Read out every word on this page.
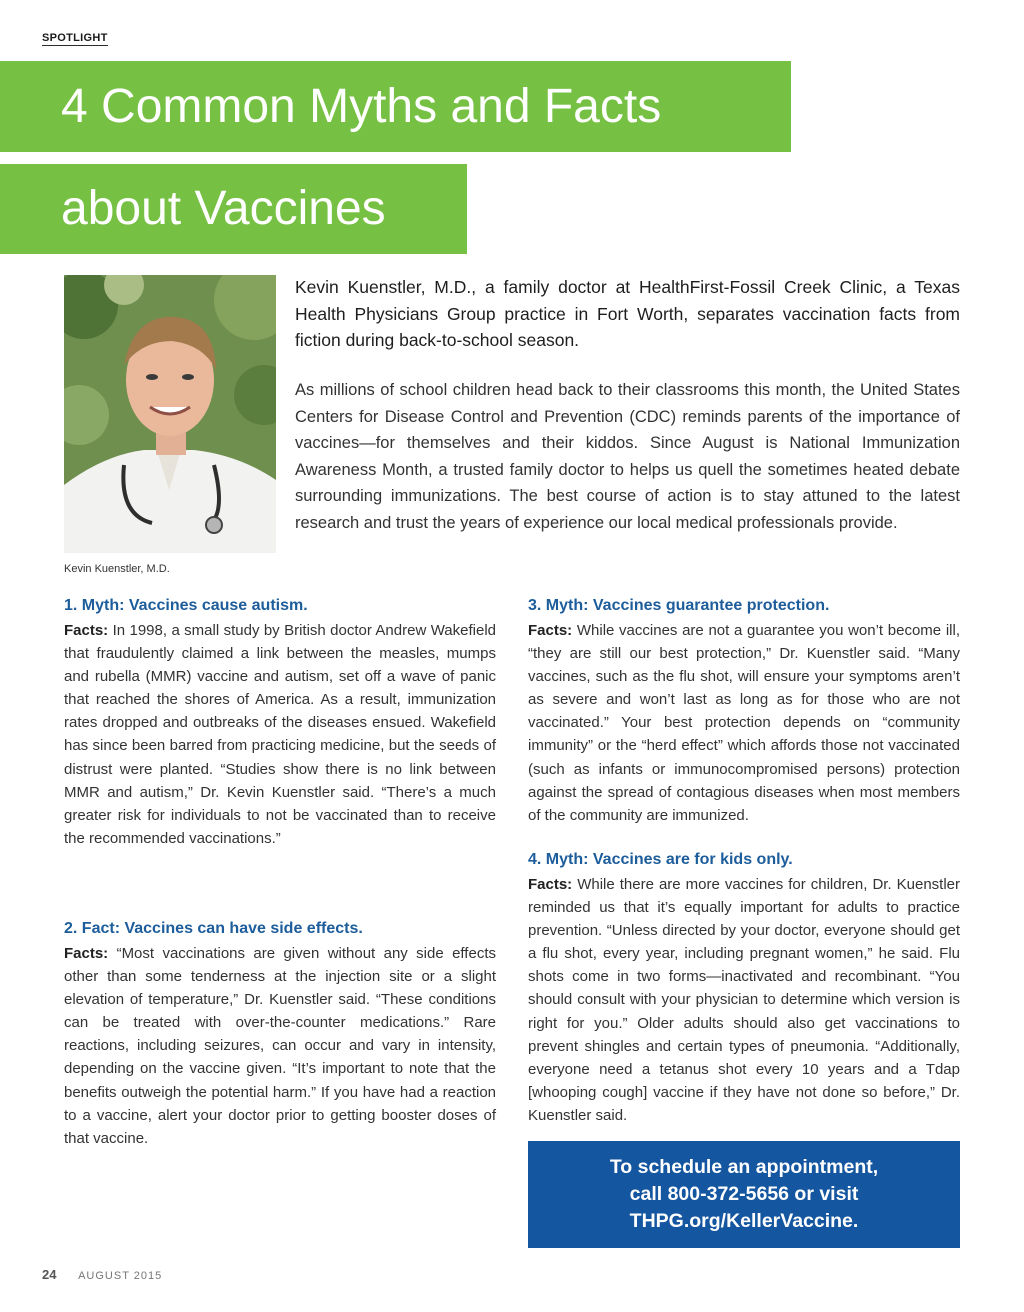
SPOTLIGHT
4 Common Myths and Facts
about Vaccines
Kevin Kuenstler, M.D.
Kevin Kuenstler, M.D., a family doctor at HealthFirst-Fossil Creek Clinic, a Texas Health Physicians Group practice in Fort Worth, separates vaccination facts from fiction during back-to-school season.
As millions of school children head back to their classrooms this month, the United States Centers for Disease Control and Prevention (CDC) reminds parents of the importance of vaccines—for themselves and their kiddos. Since August is National Immunization Awareness Month, a trusted family doctor to helps us quell the sometimes heated debate surrounding immunizations. The best course of action is to stay attuned to the latest research and trust the years of experience our local medical professionals provide.
1. Myth: Vaccines cause autism.

Facts: In 1998, a small study by British doctor Andrew Wakefield that fraudulently claimed a link between the measles, mumps and rubella (MMR) vaccine and autism, set off a wave of panic that reached the shores of America. As a result, immunization rates dropped and outbreaks of the diseases ensued. Wakefield has since been barred from practicing medicine, but the seeds of distrust were planted. “Studies show there is no link between MMR and autism,” Dr. Kevin Kuenstler said. “There’s a much greater risk for individuals to not be vaccinated than to receive the recommended vaccinations.”

2. Fact: Vaccines can have side effects.

Facts: “Most vaccinations are given without any side effects other than some tenderness at the injection site or a slight elevation of temperature,” Dr. Kuenstler said. “These conditions can be treated with over-the-counter medications.” Rare reactions, including seizures, can occur and vary in intensity, depending on the vaccine given. “It’s important to note that the benefits outweigh the potential harm.” If you have had a reaction to a vaccine, alert your doctor prior to getting booster doses of that vaccine.

3. Myth: Vaccines guarantee protection.

Facts: While vaccines are not a guarantee you won’t become ill, “they are still our best protection,” Dr. Kuenstler said. “Many vaccines, such as the flu shot, will ensure your symptoms aren’t as severe and won’t last as long as for those who are not vaccinated.” Your best protection depends on “community immunity” or the “herd effect” which affords those not vaccinated (such as infants or immunocompromised persons) protection against the spread of contagious diseases when most members of the community are immunized.

4. Myth: Vaccines are for kids only.

Facts: While there are more vaccines for children, Dr. Kuenstler reminded us that it’s equally important for adults to practice prevention. “Unless directed by your doctor, everyone should get a flu shot, every year, including pregnant women,” he said. Flu shots come in two forms—inactivated and recombinant. “You should consult with your physician to determine which version is right for you.” Older adults should also get vaccinations to prevent shingles and certain types of pneumonia. “Additionally, everyone need a tetanus shot every 10 years and a Tdap [whooping cough] vaccine if they have not done so before,” Dr. Kuenstler said.

To schedule an appointment,
call 800-372-5656 or visit
THPG.org/KellerVaccine.
24 AUGUST 2015
